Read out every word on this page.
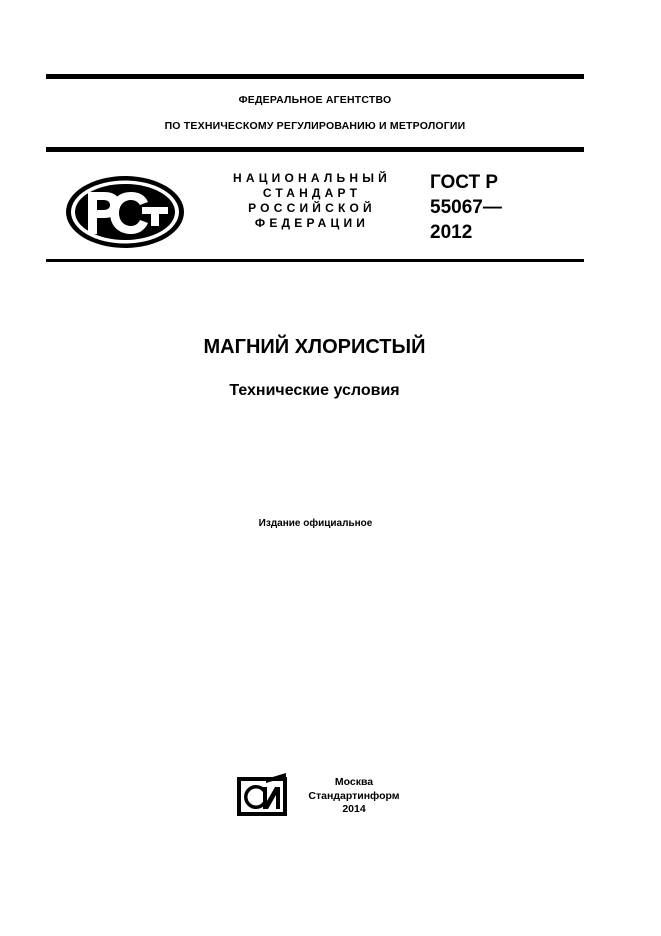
ФЕДЕРАЛЬНОЕ АГЕНТСТВО
ПО ТЕХНИЧЕСКОМУ РЕГУЛИРОВАНИЮ И МЕТРОЛОГИИ
НАЦИОНАЛЬНЫЙ
СТАНДАРТ
РОССИЙСКОЙ
ФЕДЕРАЦИИ
ГОСТ Р
55067—
2012
МАГНИЙ ХЛОРИСТЫЙ
Технические условия
Издание официальное
Москва
Стандартинформ
2014
